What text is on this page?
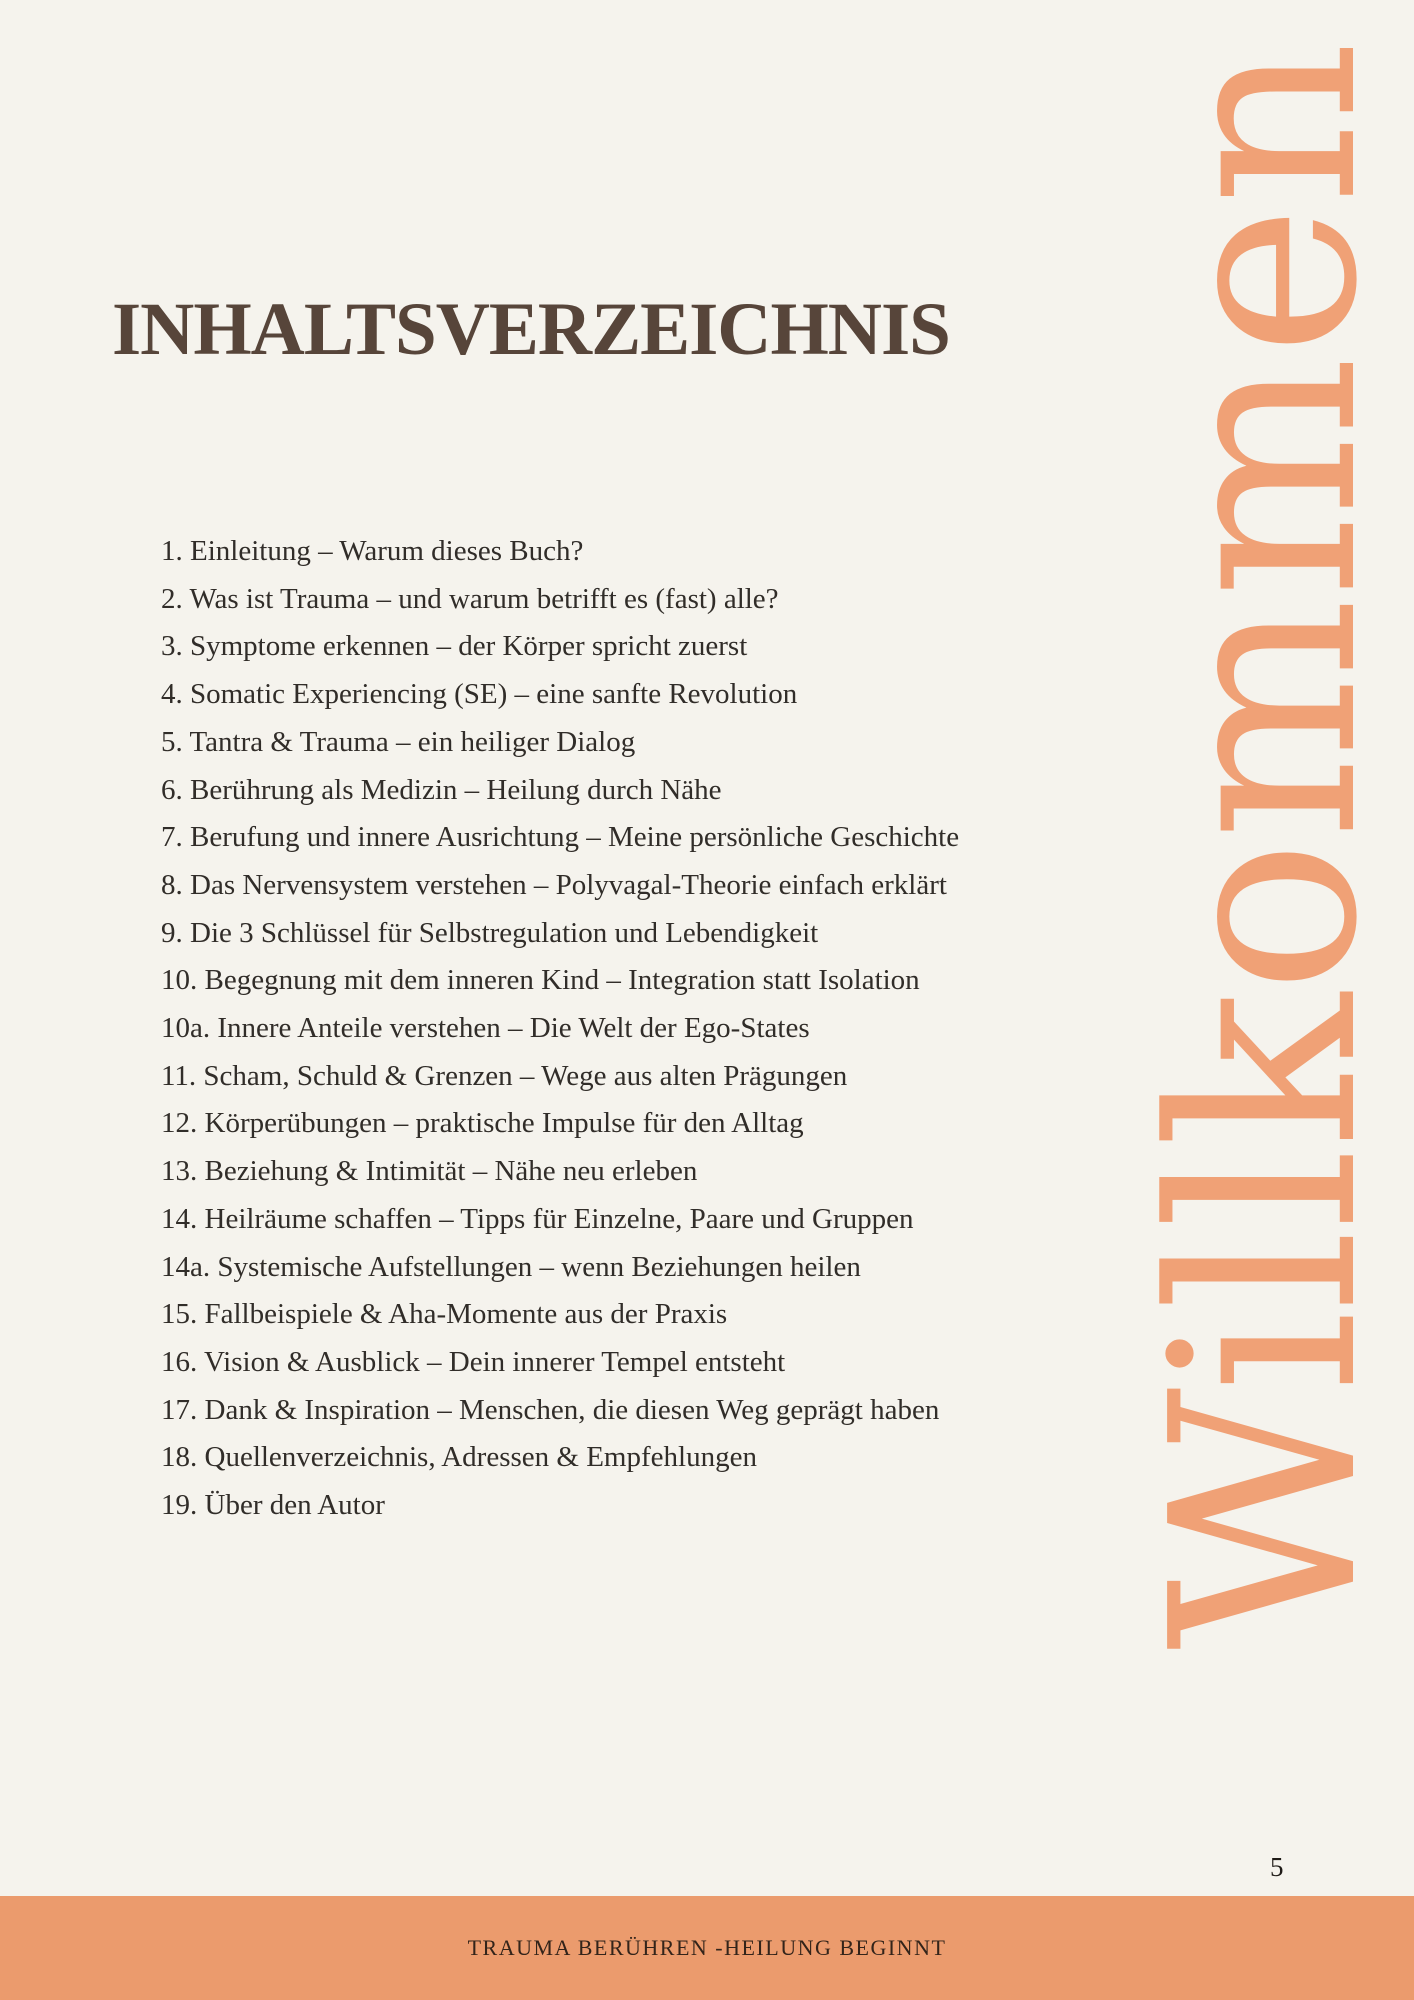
INHALTSVERZEICHNIS
1. Einleitung – Warum dieses Buch?
2. Was ist Trauma – und warum betrifft es (fast) alle?
3. Symptome erkennen – der Körper spricht zuerst
4. Somatic Experiencing (SE) – eine sanfte Revolution
5. Tantra & Trauma – ein heiliger Dialog
6. Berührung als Medizin – Heilung durch Nähe
7. Berufung und innere Ausrichtung – Meine persönliche Geschichte
8. Das Nervensystem verstehen – Polyvagal-Theorie einfach erklärt
9. Die 3 Schlüssel für Selbstregulation und Lebendigkeit
10. Begegnung mit dem inneren Kind – Integration statt Isolation
10a. Innere Anteile verstehen – Die Welt der Ego-States
11. Scham, Schuld & Grenzen – Wege aus alten Prägungen
12. Körperübungen – praktische Impulse für den Alltag
13. Beziehung & Intimität – Nähe neu erleben
14. Heilräume schaffen – Tipps für Einzelne, Paare und Gruppen
14a. Systemische Aufstellungen – wenn Beziehungen heilen
15. Fallbeispiele & Aha-Momente aus der Praxis
16. Vision & Ausblick – Dein innerer Tempel entsteht
17. Dank & Inspiration – Menschen, die diesen Weg geprägt haben
18. Quellenverzeichnis, Adressen & Empfehlungen
19. Über den Autor	Willkommen
5
TRAUMA BERÜHREN -HEILUNG BEGINNT
